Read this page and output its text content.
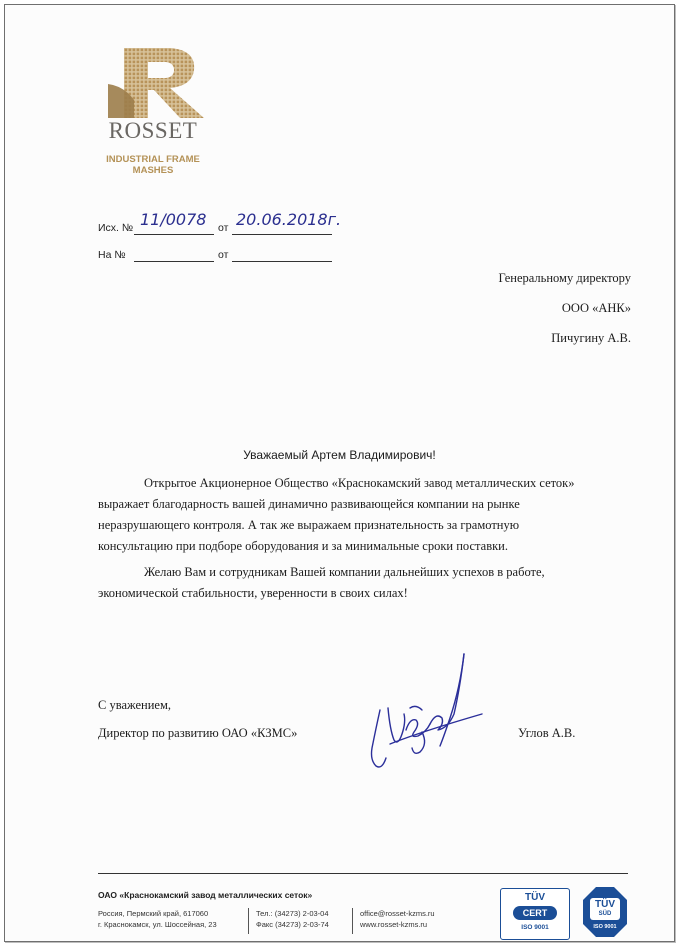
ROSSET
INDUSTRIAL FRAME
MASHES
Исх. № 11/0078 от 20.06.2018г.
На №	от
Генеральному директору
ООО «АНК»
Пичугину А.В.
Уважаемый Артем Владимирович!
Открытое Акционерное Общество «Краснокамский завод металлических сеток»
выражает благодарность вашей динамично развивающейся компании на рынке
неразрушающего контроля. А так же выражаем признательность за грамотную
консультацию при подборе оборудования и за минимальные сроки поставки.
Желаю Вам и сотрудникам Вашей компании дальнейших успехов в работе,
экономической стабильности, уверенности в своих силах!
С уважением,
Директор по развитию ОАО «КЗМС»	Углов А.В.
ОАО «Краснокамский завод металлических сеток»
Россия, Пермский край, 617060
г. Краснокамск, ул. Шоссейная, 23
Тел.: (34273) 2-03-04
Факс (34273) 2-03-74
office@rosset-kzms.ru
www.rosset-kzms.ru
TÜV
CERT
ISO 9001
TÜV
SÜD
ISO 9001
